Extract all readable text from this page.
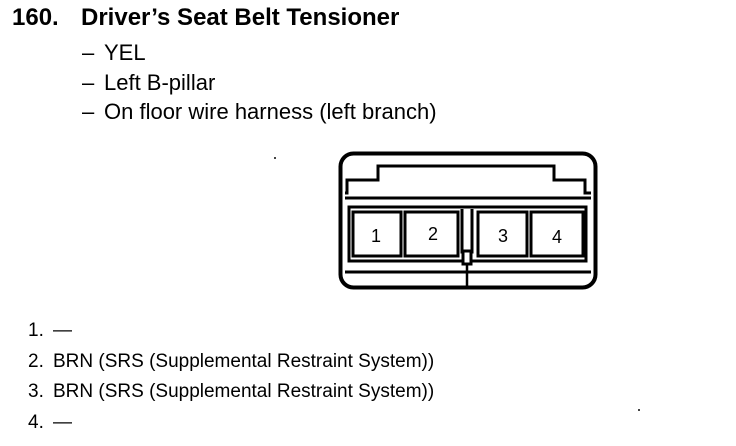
160. Driver’s Seat Belt Tensioner
– YEL
– Left B-pillar
– On floor wire harness (left branch)
1	2	3 4
1. —
2. BRN (SRS (Supplemental Restraint System))
3. BRN (SRS (Supplemental Restraint System))
4. —
